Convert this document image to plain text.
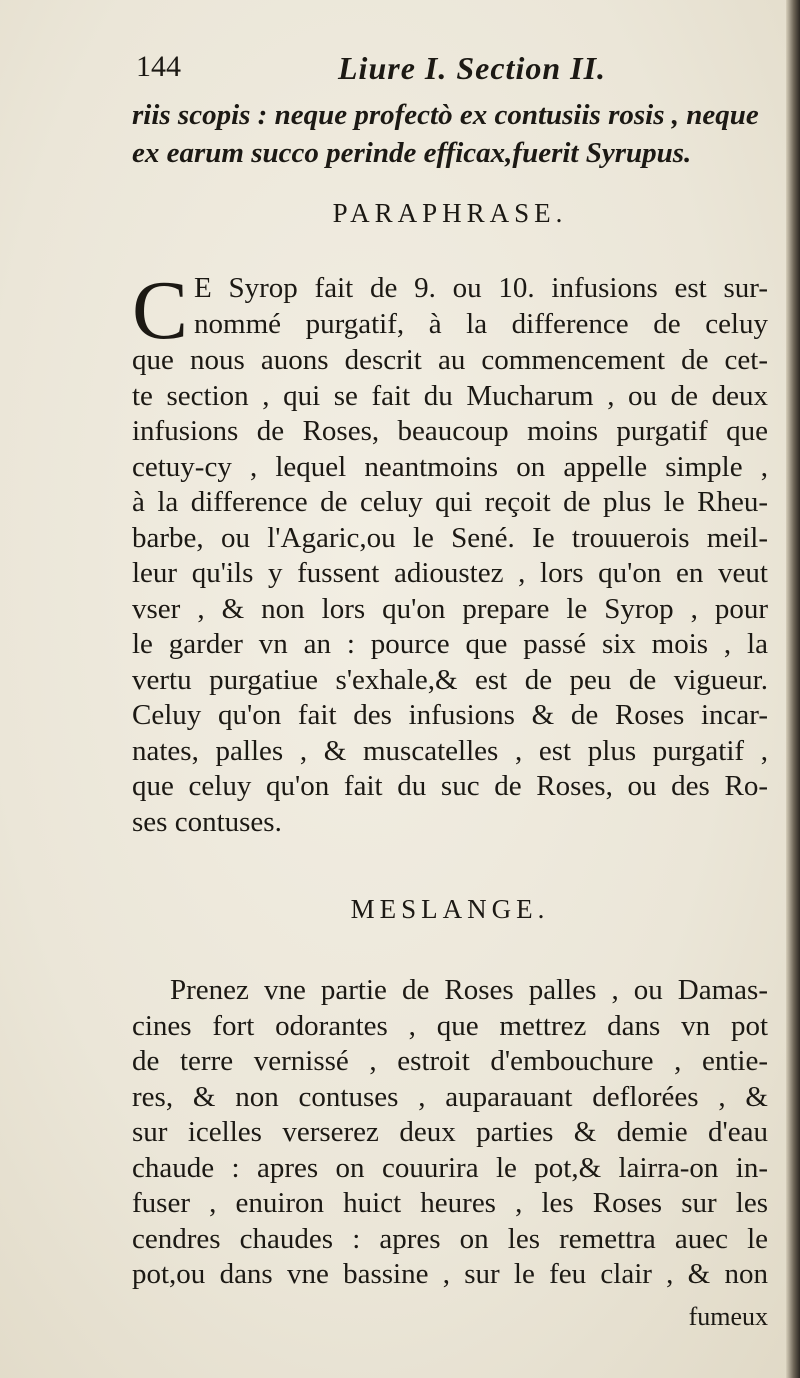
144	Liure I. Section II.
riis scopis : neque profectò ex contusiis rosis , neque
ex earum succo perinde efficax,fuerit Syrupus.
PARAPHRASE.
C E Syrop fait de 9. ou 10. infusions est sur-
nommé purgatif, à la difference de celuy
que nous auons descrit au commencement de cet-
te section , qui se fait du Mucharum , ou de deux
infusions de Roses, beaucoup moins purgatif que
cetuy-cy , lequel neantmoins on appelle simple ,
à la difference de celuy qui reçoit de plus le Rheu-
barbe, ou l'Agaric,ou le Sené. Ie trouuerois meil-
leur qu'ils y fussent adioustez , lors qu'on en veut
vser , & non lors qu'on prepare le Syrop , pour
le garder vn an : pource que passé six mois , la
vertu purgatiue s'exhale,& est de peu de vigueur.
Celuy qu'on fait des infusions & de Roses incar-
nates, palles , & muscatelles , est plus purgatif ,
que celuy qu'on fait du suc de Roses, ou des Ro-
ses contuses.
MESLANGE.
Prenez vne partie de Roses palles , ou Damas-
cines fort odorantes , que mettrez dans vn pot
de terre vernissé , estroit d'embouchure , entie-
res, & non contuses , auparauant deflorées , &
sur icelles verserez deux parties & demie d'eau
chaude : apres on couurira le pot,& lairra-on in-
fuser , enuiron huict heures , les Roses sur les
cendres chaudes : apres on les remettra auec le
pot,ou dans vne bassine , sur le feu clair , & non
fumeux
